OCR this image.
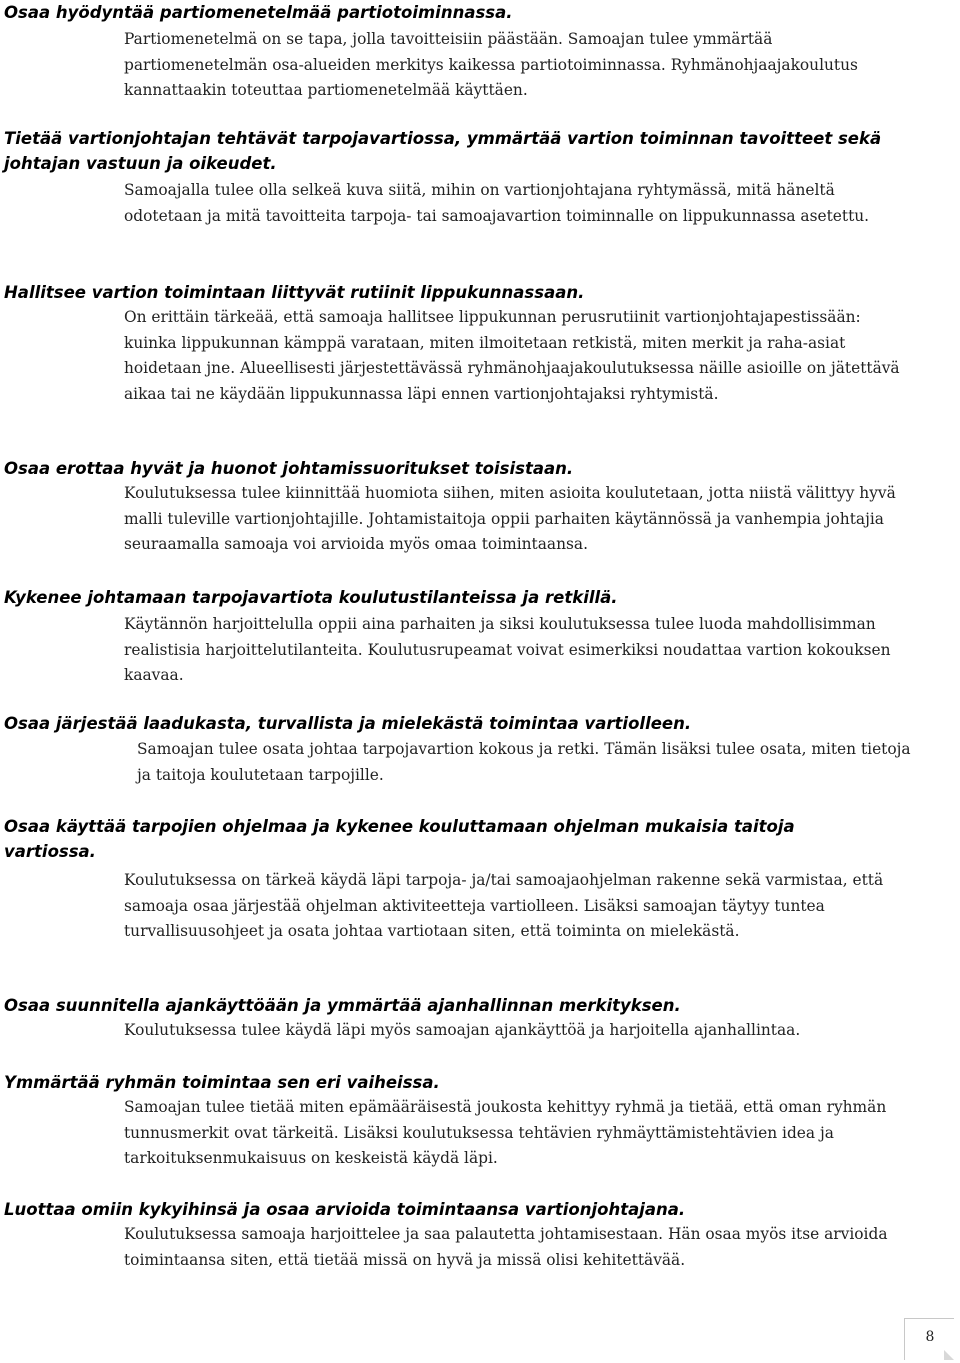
Osaa hyödyntää partiomenetelmää partiotoiminnassa.

Partiomenetelmä on se tapa, jolla tavoitteisiin päästään. Samoajan tulee ymmärtää partiomenetelmän osa-alueiden merkitys kaikessa partiotoiminnassa. Ryhmänohjaajakoulutus kannattaakin toteuttaa partiomenetelmää käyttäen.

Tietää vartionjohtajan tehtävät tarpojavartiossa, ymmärtää vartion toiminnan tavoitteet sekä johtajan vastuun ja oikeudet.

Samoajalla tulee olla selkeä kuva siitä, mihin on vartionjohtajana ryhtymässä, mitä häneltä odotetaan ja mitä tavoitteita tarpoja- tai samoajavartion toiminnalle on lippukunnassa asetettu.

Hallitsee vartion toimintaan liittyvät rutiinit lippukunnassaan.

On erittäin tärkeää, että samoaja hallitsee lippukunnan perusrutiinit vartionjohtajapestissään: kuinka lippukunnan kämppä varataan, miten ilmoitetaan retkistä, miten merkit ja raha-asiat hoidetaan jne. Alueellisesti järjestettävässä ryhmänohjaajakoulutuksessa näille asioille on jätettävä aikaa tai ne käydään lippukunnassa läpi ennen vartionjohtajaksi ryhtymistä.

Osaa erottaa hyvät ja huonot johtamissuoritukset toisistaan.

Koulutuksessa tulee kiinnittää huomiota siihen, miten asioita koulutetaan, jotta niistä välittyy hyvä malli tuleville vartionjohtajille. Johtamistaitoja oppii parhaiten käytännössä ja vanhempia johtajia seuraamalla samoaja voi arvioida myös omaa toimintaansa.

Kykenee johtamaan tarpojavartiota koulutustilanteissa ja retkillä.

Käytännön harjoittelulla oppii aina parhaiten ja siksi koulutuksessa tulee luoda mahdollisimman realistisia harjoittelutilanteita. Koulutusrupeamat voivat esimerkiksi noudattaa vartion kokouksen kaavaa.

Osaa järjestää laadukasta, turvallista ja mielekästä toimintaa vartiolleen.

Samoajan tulee osata johtaa tarpojavartion kokous ja retki. Tämän lisäksi tulee osata, miten tietoja ja taitoja koulutetaan tarpojille.

Osaa käyttää tarpojien ohjelmaa ja kykenee kouluttamaan ohjelman mukaisia taitoja vartiossa.

Koulutuksessa on tärkeä käydä läpi tarpoja- ja/tai samoajaohjelman rakenne sekä varmistaa, että samoaja osaa järjestää ohjelman aktiviteetteja vartiolleen. Lisäksi samoajan täytyy tuntea turvallisuusohjeet ja osata johtaa vartiotaan siten, että toiminta on mielekästä.

Osaa suunnitella ajankäyttöään ja ymmärtää ajanhallinnan merkityksen.

Koulutuksessa tulee käydä läpi myös samoajan ajankäyttöä ja harjoitella ajanhallintaa.

Ymmärtää ryhmän toimintaa sen eri vaiheissa.

Samoajan tulee tietää miten epämääräisestä joukosta kehittyy ryhmä ja tietää, että oman ryhmän tunnusmerkit ovat tärkeitä. Lisäksi koulutuksessa tehtävien ryhmäyttämistehtävien idea ja tarkoituksenmukaisuus on keskeistä käydä läpi.

Luottaa omiin kykyihinsä ja osaa arvioida toimintaansa vartionjohtajana.

Koulutuksessa samoaja harjoittelee ja saa palautetta johtamisestaan. Hän osaa myös itse arvioida toimintaansa siten, että tietää missä on hyvä ja missä olisi kehitettävää.

8
